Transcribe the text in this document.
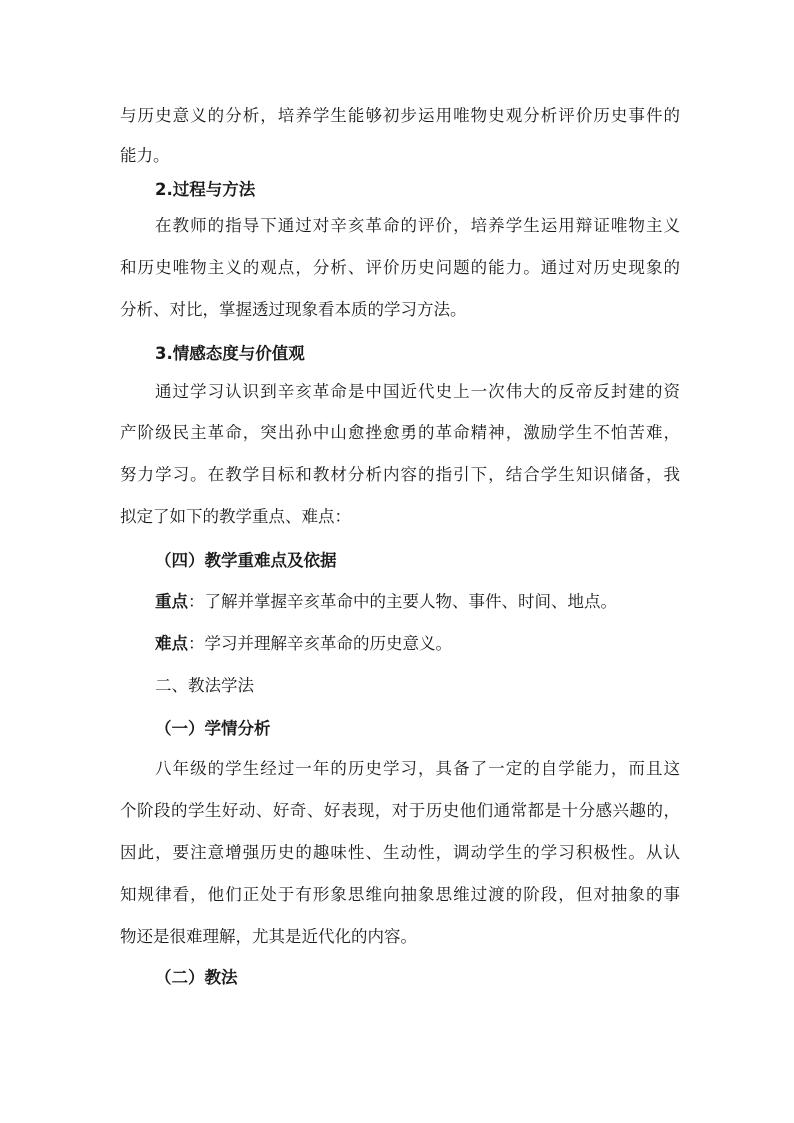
与历史意义的分析，培养学生能够初步运用唯物史观分析评价历史事件的
能力。
2.过程与方法
在教师的指导下通过对辛亥革命的评价，培养学生运用辩证唯物主义
和历史唯物主义的观点，分析、评价历史问题的能力。通过对历史现象的
分析、对比，掌握透过现象看本质的学习方法。
3.情感态度与价值观
通过学习认识到辛亥革命是中国近代史上一次伟大的反帝反封建的资
产阶级民主革命，突出孙中山愈挫愈勇的革命精神，激励学生不怕苦难，
努力学习。在教学目标和教材分析内容的指引下，结合学生知识储备，我
拟定了如下的教学重点、难点：
（四）教学重难点及依据
重点：了解并掌握辛亥革命中的主要人物、事件、时间、地点。
难点：学习并理解辛亥革命的历史意义。
二、教法学法
（一）学情分析
八年级的学生经过一年的历史学习，具备了一定的自学能力，而且这
个阶段的学生好动、好奇、好表现，对于历史他们通常都是十分感兴趣的，
因此，要注意增强历史的趣味性、生动性，调动学生的学习积极性。从认
知规律看，他们正处于有形象思维向抽象思维过渡的阶段，但对抽象的事
物还是很难理解，尤其是近代化的内容。
（二）教法
